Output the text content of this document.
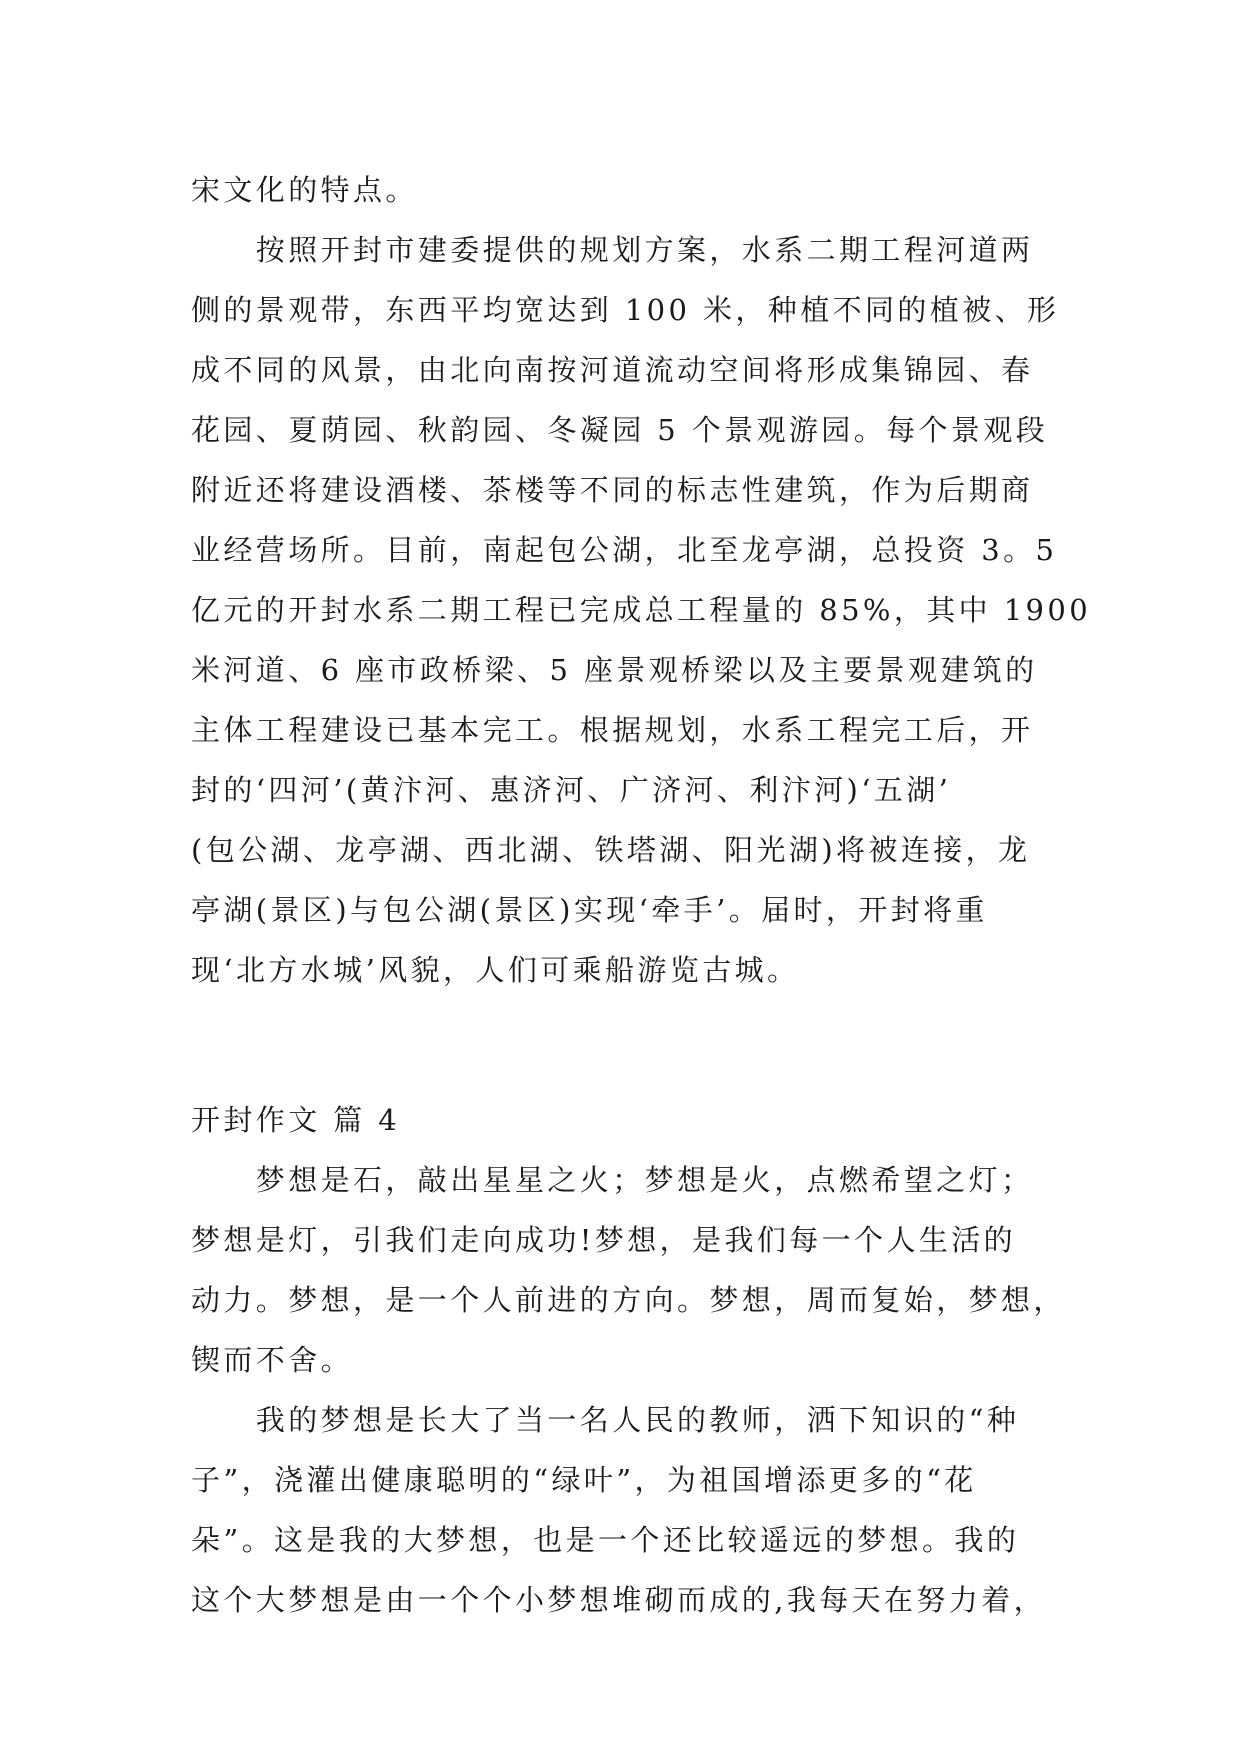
宋文化的特点。
　　按照开封市建委提供的规划方案，水系二期工程河道两
侧的景观带，东西平均宽达到 100 米，种植不同的植被、形
成不同的风景，由北向南按河道流动空间将形成集锦园、春
花园、夏荫园、秋韵园、冬凝园 5 个景观游园。每个景观段
附近还将建设酒楼、茶楼等不同的标志性建筑，作为后期商
业经营场所。目前，南起包公湖，北至龙亭湖，总投资 3。5
亿元的开封水系二期工程已完成总工程量的 85%，其中 1900
米河道、6 座市政桥梁、5 座景观桥梁以及主要景观建筑的
主体工程建设已基本完工。根据规划，水系工程完工后，开
封的‘四河’(黄汴河、惠济河、广济河、利汴河)‘五湖’
(包公湖、龙亭湖、西北湖、铁塔湖、阳光湖)将被连接，龙
亭湖(景区)与包公湖(景区)实现‘牵手’。届时，开封将重
现‘北方水城’风貌，人们可乘船游览古城。
开封作文 篇 4
　　梦想是石，敲出星星之火；梦想是火，点燃希望之灯；
梦想是灯，引我们走向成功!梦想，是我们每一个人生活的
动力。梦想，是一个人前进的方向。梦想，周而复始，梦想，
锲而不舍。
　　我的梦想是长大了当一名人民的教师，洒下知识的“种
子”，浇灌出健康聪明的“绿叶”，为祖国增添更多的“花
朵”。这是我的大梦想，也是一个还比较遥远的梦想。我的
这个大梦想是由一个个小梦想堆砌而成的,我每天在努力着，
